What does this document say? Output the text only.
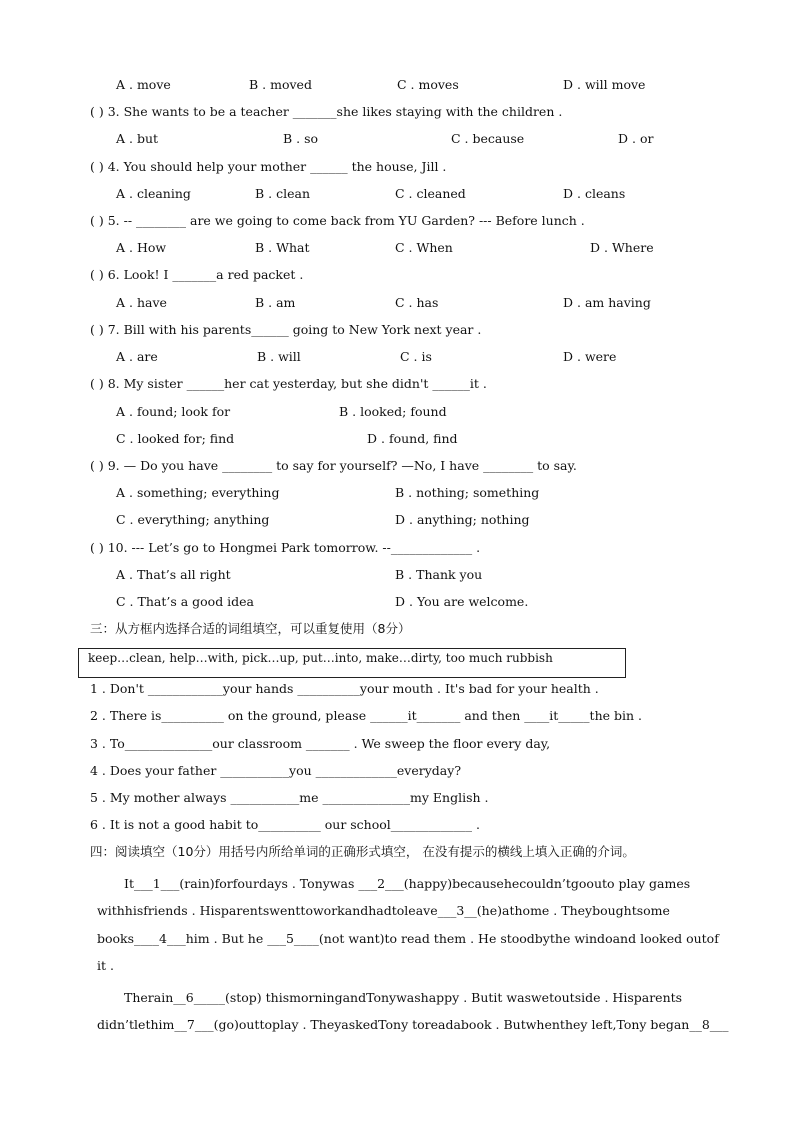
A . move	B . moved	C . moves	D . will move
( ) 3. She wants to be a teacher _______she likes staying with the children .
A . but	B . so	C . because	D . or
( ) 4. You should help your mother ______ the house, Jill .
A . cleaning	B . clean	C . cleaned	D . cleans
( ) 5. -- ________ are we going to come back from YU Garden? --- Before lunch .
A . How	B . What	C . When	D . Where
( ) 6. Look! I _______a red packet .
A . have	B . am	C . has	D . am having
( ) 7. Bill with his parents______ going to New York next year .
A . are	B . will	C . is	D . were
( ) 8. My sister ______her cat yesterday, but she didn't ______it .
A . found; look for	B . looked; found
C . looked for; find	D . found, find
( ) 9. — Do you have ________ to say for yourself? —No, I have ________ to say.
A . something; everything	B . nothing; something
C . everything; anything	D . anything; nothing
( ) 10. --- Let’s go to Hongmei Park tomorrow. --_____________ .
A . That’s all right	B . Thank you
C . That’s a good idea	D . You are welcome.
三：从方框内选择合适的词组填空，可以重复使用（8分）
keep…clean, help…with, pick…up, put…into, make…dirty, too much rubbish
1 . Don't ____________your hands __________your mouth . It's bad for your health .
2 . There is__________ on the ground, please ______it_______ and then ____it_____the bin .
3 . To______________our classroom _______ . We sweep the floor every day,
4 . Does your father ___________you _____________everyday?
5 . My mother always ___________me ______________my English .
6 . It is not a good habit to__________ our school_____________ .
四：阅读填空（10分）用括号内所给单词的正确形式填空， 在没有提示的横线上填入正确的介词。
It___1___(rain)forfourdays . Tonywas ___2___(happy)becausehecouldn’tgoouto play games
withhisfriends . Hisparentswenttoworkandhadtoleave___3__(he)athome . Theyboughtsome
books____4___him . But he ___5____(not want)to read them . He stoodbythe windoand looked outof
it .
Therain__6_____(stop) thismorningandTonywashappy . Butit waswetoutside . Hisparents
didn’tlethim__7___(go)outtoplay . TheyaskedTony toreadabook . Butwhenthey left,Tony began__8___
